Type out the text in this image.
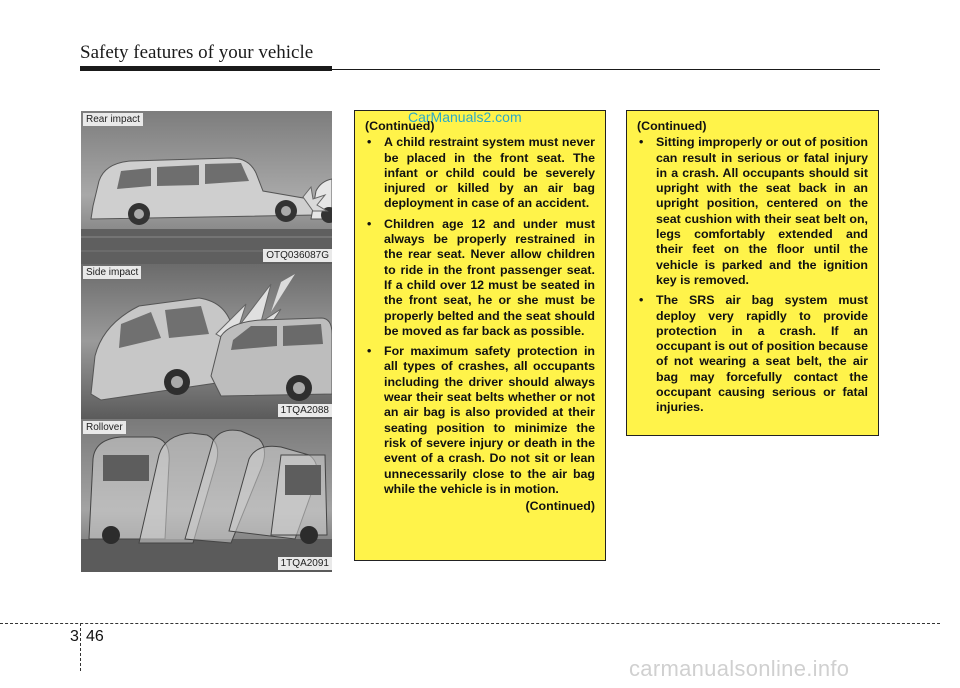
Safety features of your vehicle
CarManuals2.com
Rear impact
OTQ036087G
Side impact
1TQA2088
Rollover
1TQA2091
(Continued)
• A child restraint system must never be placed in the front seat. The infant or child could be severely injured or killed by an air bag deployment in case of an accident.
• Children age 12 and under must always be properly restrained in the rear seat. Never allow children to ride in the front passenger seat. If a child over 12 must be seated in the front seat, he or she must be properly belted and the seat should be moved as far back as possible.
• For maximum safety protection in all types of crashes, all occupants including the driver should always wear their seat belts whether or not an air bag is also provided at their seating position to minimize the risk of severe injury or death in the event of a crash. Do not sit or lean unnecessarily close to the air bag while the vehicle is in motion.
(Continued)
(Continued)
• Sitting improperly or out of position can result in serious or fatal injury in a crash. All occupants should sit upright with the seat back in an upright position, centered on the seat cushion with their seat belt on, legs comfortably extended and their feet on the floor until the vehicle is parked and the ignition key is removed.
• The SRS air bag system must deploy very rapidly to provide protection in a crash. If an occupant is out of position because of not wearing a seat belt, the air bag may forcefully contact the occupant causing serious or fatal injuries.
3 46
carmanualsonline.info
